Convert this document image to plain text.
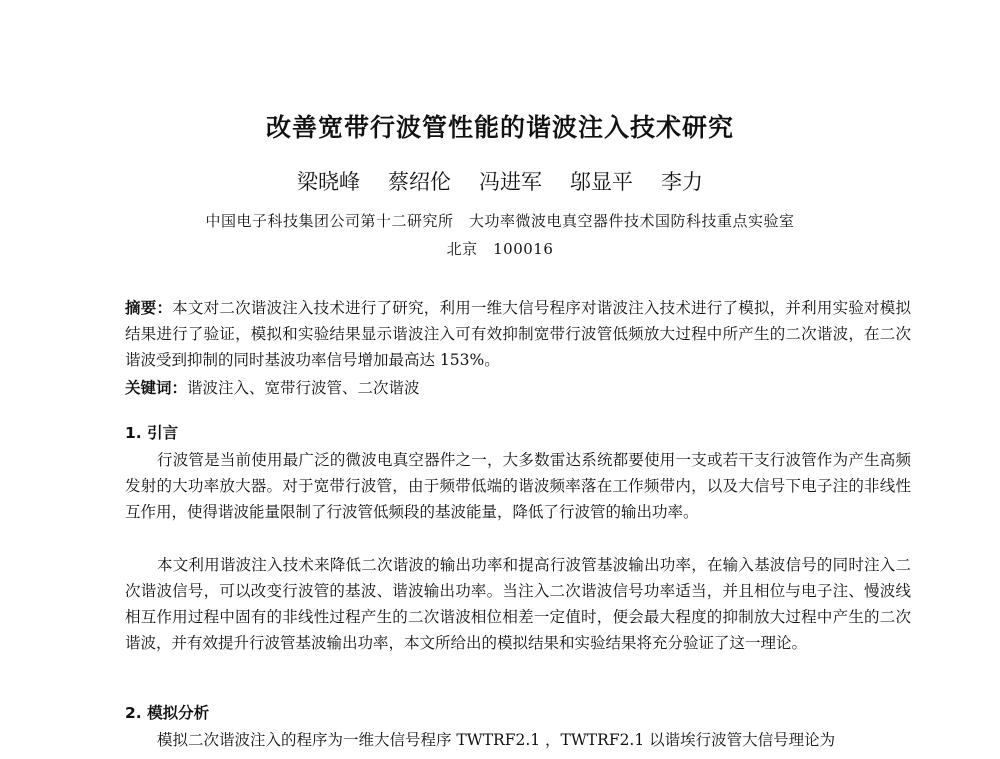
改善宽带行波管性能的谐波注入技术研究
梁晓峰 蔡绍伦 冯进军 邬显平 李力
中国电子科技集团公司第十二研究所　大功率微波电真空器件技术国防科技重点实验室
北京　100016
摘要：本文对二次谐波注入技术进行了研究，利用一维大信号程序对谐波注入技术进行了模拟，并利用实验对模拟结果进行了验证，模拟和实验结果显示谐波注入可有效抑制宽带行波管低频放大过程中所产生的二次谐波，在二次谐波受到抑制的同时基波功率信号增加最高达 153%。
关键词：谐波注入、宽带行波管、二次谐波
1. 引言
行波管是当前使用最广泛的微波电真空器件之一，大多数雷达系统都要使用一支或若干支行波管作为产生高频发射的大功率放大器。对于宽带行波管，由于频带低端的谐波频率落在工作频带内，以及大信号下电子注的非线性互作用，使得谐波能量限制了行波管低频段的基波能量，降低了行波管的输出功率。
本文利用谐波注入技术来降低二次谐波的输出功率和提高行波管基波输出功率，在输入基波信号的同时注入二次谐波信号，可以改变行波管的基波、谐波输出功率。当注入二次谐波信号功率适当，并且相位与电子注、慢波线相互作用过程中固有的非线性过程产生的二次谐波相位相差一定值时，便会最大程度的抑制放大过程中产生的二次谐波，并有效提升行波管基波输出功率，本文所给出的模拟结果和实验结果将充分验证了这一理论。
2. 模拟分析
模拟二次谐波注入的程序为一维大信号程序 TWTRF2.1 ，TWTRF2.1 以谐埃行波管大信号理论为
